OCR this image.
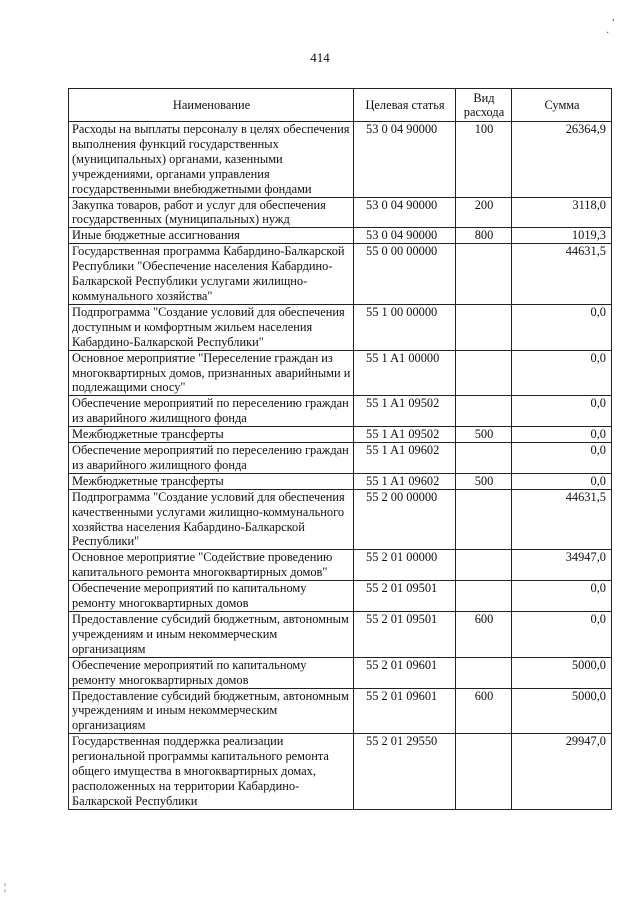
414
,
·
¦
Наименование	Целевая статья	Вид расхода	Сумма
Расходы на выплаты персоналу в целях обеспечения выполнения функций государственных (муниципальных) органами, казенными учреждениями, органами управления государственными внебюджетными фондами	53 0 04 90000	100	26364,9
Закупка товаров, работ и услуг для обеспечения государственных (муниципальных) нужд	53 0 04 90000	200	3118,0
Иные бюджетные ассигнования	53 0 04 90000	800	1019,3
Государственная программа Кабардино-Балкарской Республики "Обеспечение населения Кабардино-Балкарской Республики услугами жилищно-коммунального хозяйства"	55 0 00 00000		44631,5
Подпрограмма "Создание условий для обеспечения доступным и комфортным жильем населения Кабардино-Балкарской Республики"	55 1 00 00000		0,0
Основное мероприятие "Переселение граждан из многоквартирных домов, признанных аварийными и подлежащими сносу"	55 1 A1 00000		0,0
Обеспечение мероприятий по переселению граждан из аварийного жилищного фонда	55 1 A1 09502		0,0
Межбюджетные трансферты	55 1 A1 09502	500	0,0
Обеспечение мероприятий по переселению граждан из аварийного жилищного фонда	55 1 A1 09602		0,0
Межбюджетные трансферты	55 1 A1 09602	500	0,0
Подпрограмма "Создание условий для обеспечения качественными услугами жилищно-коммунального хозяйства населения Кабардино-Балкарской Республики"	55 2 00 00000		44631,5
Основное мероприятие "Содействие проведению капитального ремонта многоквартирных домов"	55 2 01 00000		34947,0
Обеспечение мероприятий по капитальному ремонту многоквартирных домов	55 2 01 09501		0,0
Предоставление субсидий бюджетным, автономным учреждениям и иным некоммерческим организациям	55 2 01 09501	600	0,0
Обеспечение мероприятий по капитальному ремонту многоквартирных домов	55 2 01 09601		5000,0
Предоставление субсидий бюджетным, автономным учреждениям и иным некоммерческим организациям	55 2 01 09601	600	5000,0
Государственная поддержка реализации региональной программы капитального ремонта общего имущества в многоквартирных домах, расположенных на территории Кабардино-Балкарской Республики	55 2 01 29550		29947,0
